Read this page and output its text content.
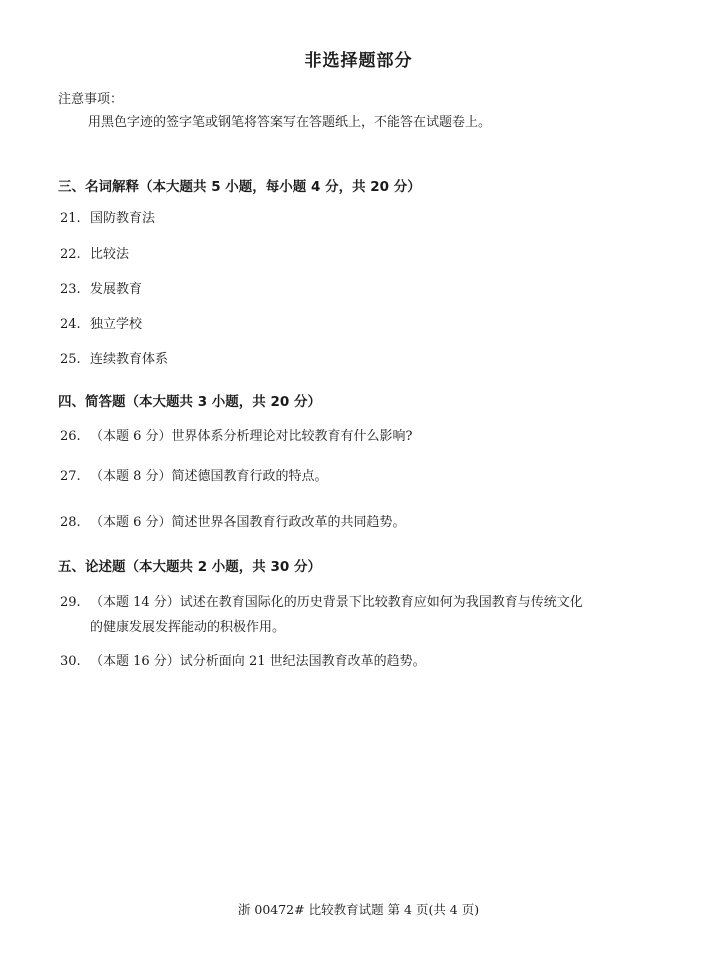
非选择题部分
注意事项：
用黑色字迹的签字笔或钢笔将答案写在答题纸上，不能答在试题卷上。
三、名词解释（本大题共 5 小题，每小题 4 分，共 20 分）
21. 国防教育法
22. 比较法
23. 发展教育
24. 独立学校
25. 连续教育体系
四、简答题（本大题共 3 小题，共 20 分）
26. （本题 6 分）世界体系分析理论对比较教育有什么影响?
27. （本题 8 分）简述德国教育行政的特点。
28. （本题 6 分）简述世界各国教育行政改革的共同趋势。
五、论述题（本大题共 2 小题，共 30 分）
29. （本题 14 分）试述在教育国际化的历史背景下比较教育应如何为我国教育与传统文化
的健康发展发挥能动的积极作用。
30. （本题 16 分）试分析面向 21 世纪法国教育改革的趋势。
浙 00472# 比较教育试题 第 4 页(共 4 页)
